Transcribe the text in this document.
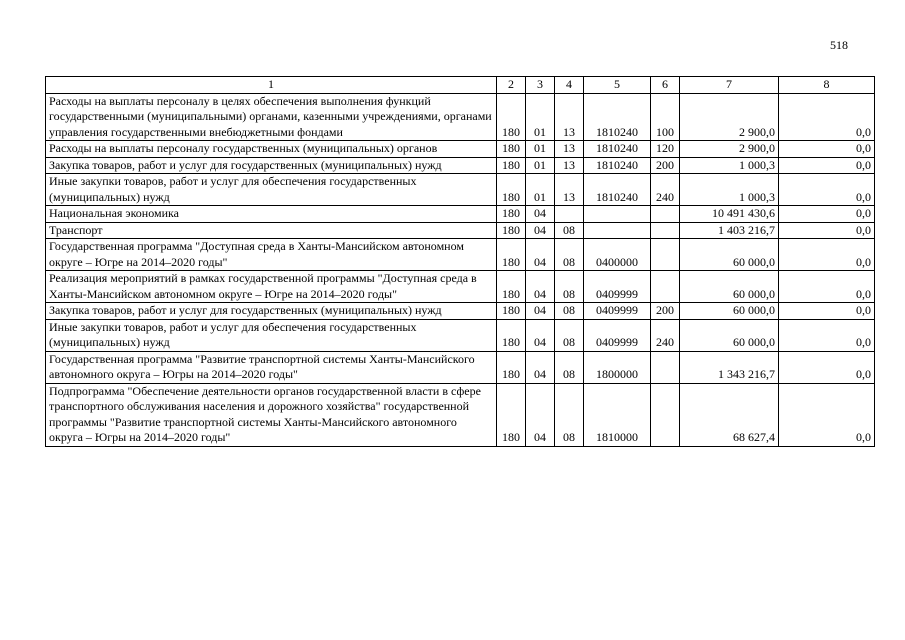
518
1	2	3	4	5	6	7	8
Расходы на выплаты персоналу в целях обеспечения выполнения функций государственными (муниципальными) органами, казенными учреждениями, органами управления государственными внебюджетными фондами	180	01	13	1810240	100	2 900,0	0,0
Расходы на выплаты персоналу государственных (муниципальных) органов	180	01	13	1810240	120	2 900,0	0,0
Закупка товаров, работ и услуг для государственных (муниципальных) нужд	180	01	13	1810240	200	1 000,3	0,0
Иные закупки товаров, работ и услуг для обеспечения государственных (муниципальных) нужд	180	01	13	1810240	240	1 000,3	0,0
Национальная экономика	180	04				10 491 430,6	0,0
Транспорт	180	04	08			1 403 216,7	0,0
Государственная программа "Доступная среда в Ханты-Мансийском автономном округе – Югре на 2014–2020 годы"	180	04	08	0400000		60 000,0	0,0
Реализация мероприятий в рамках государственной программы "Доступная среда в Ханты-Мансийском автономном округе – Югре на 2014–2020 годы"	180	04	08	0409999		60 000,0	0,0
Закупка товаров, работ и услуг для государственных (муниципальных) нужд	180	04	08	0409999	200	60 000,0	0,0
Иные закупки товаров, работ и услуг для обеспечения государственных (муниципальных) нужд	180	04	08	0409999	240	60 000,0	0,0
Государственная программа "Развитие транспортной системы Ханты-Мансийского автономного округа – Югры на 2014–2020 годы"	180	04	08	1800000		1 343 216,7	0,0
Подпрограмма "Обеспечение деятельности органов государственной власти в сфере транспортного обслуживания населения и дорожного хозяйства" государственной программы "Развитие транспортной системы Ханты-Мансийского автономного округа – Югры на 2014–2020 годы"	180	04	08	1810000		68 627,4	0,0
